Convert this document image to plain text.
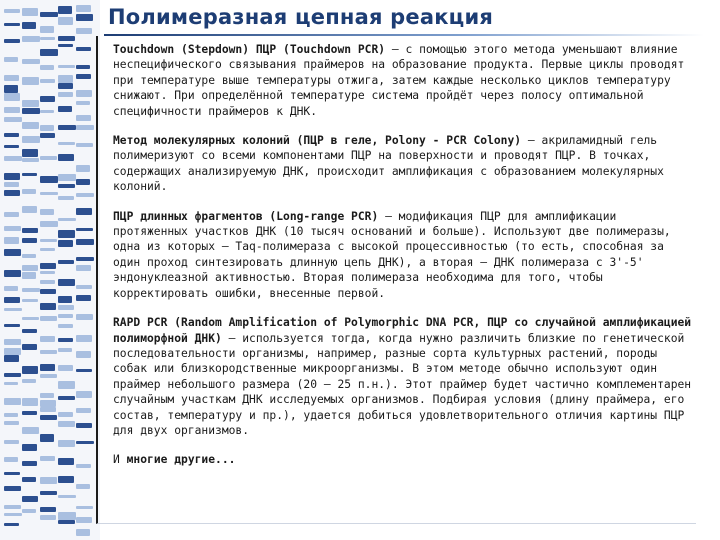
Полимеразная цепная реакция

Touchdown (Stepdown) ПЦР (Touchdown PCR) — с помощью этого метода уменьшают влияние неспецифического связывания праймеров на образование продукта. Первые циклы проводят при температуре выше температуры отжига, затем каждые несколько циклов температуру снижают. При определённой температуре система пройдёт через полосу оптимальной специфичности праймеров к ДНК.

Метод молекулярных колоний (ПЦР в геле, Polony - PCR Colony) — акриламидный гель полимеризуют со всеми компонентами ПЦР на поверхности и проводят ПЦР. В точках, содержащих анализируемую ДНК, происходит амплификация с образованием молекулярных колоний.

ПЦР длинных фрагментов (Long-range PCR) — модификация ПЦР для амплификации протяженных участков ДНК (10 тысяч оснований и больше). Используют две полимеразы, одна из которых — Taq-полимераза с высокой процессивностью (то есть, способная за один проход синтезировать длинную цепь ДНК), а вторая — ДНК полимераза с 3'-5' эндонуклеазной активностью. Вторая полимераза необходима для того, чтобы корректировать ошибки, внесенные первой.

RAPD PCR (Random Amplification of Polymorphic DNA PCR, ПЦР со случайной амплификацией полиморфной ДНК) — используется тогда, когда нужно различить близкие по генетической последовательности организмы, например, разные сорта культурных растений, породы собак или близкородственные микроорганизмы. В этом методе обычно используют один праймер небольшого размера (20 — 25 п.н.). Этот праймер будет частично комплементарен случайным участкам ДНК исследуемых организмов. Подбирая условия (длину праймера, его состав, температуру и пр.), удается добиться удовлетворительного отличия картины ПЦР для двух организмов.

И многие другие...
